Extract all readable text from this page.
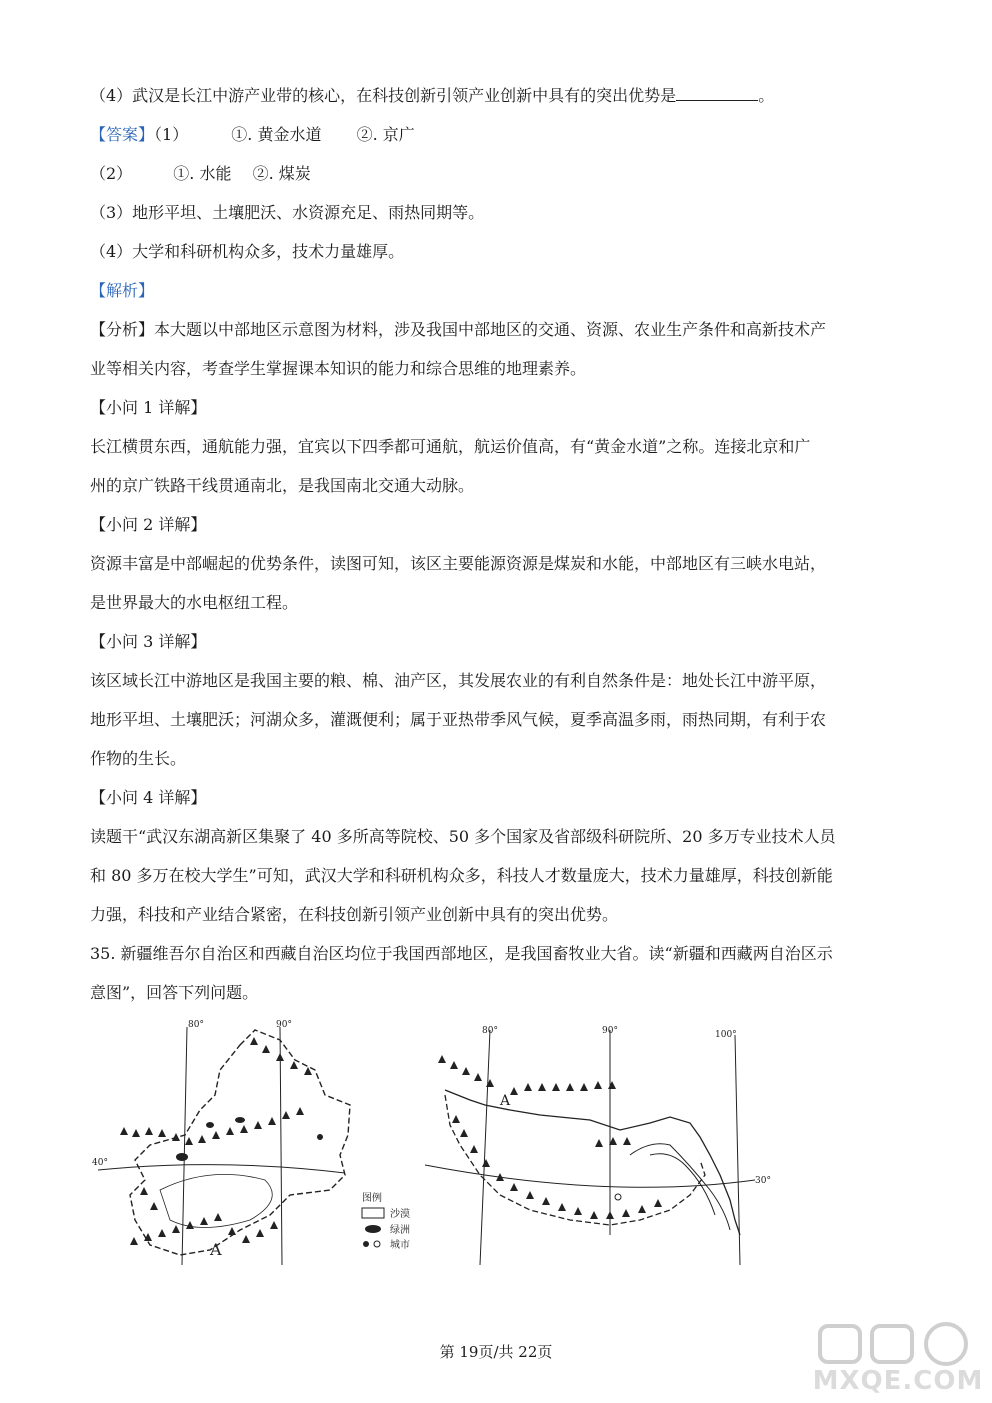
（4）武汉是长江中游产业带的核心，在科技创新引领产业创新中具有的突出优势是	。
【答案】（1）	①. 黄金水道 ②. 京广
（2）	①. 水能 ②. 煤炭
（3）地形平坦、土壤肥沃、水资源充足、雨热同期等。
（4）大学和科研机构众多，技术力量雄厚。
【解析】
【分析】本大题以中部地区示意图为材料，涉及我国中部地区的交通、资源、农业生产条件和高新技术产
业等相关内容，考查学生掌握课本知识的能力和综合思维的地理素养。
【小问 1 详解】
长江横贯东西，通航能力强，宜宾以下四季都可通航，航运价值高，有“黄金水道”之称。连接北京和广
州的京广铁路干线贯通南北，是我国南北交通大动脉。
【小问 2 详解】
资源丰富是中部崛起的优势条件，读图可知，该区主要能源资源是煤炭和水能，中部地区有三峡水电站，
是世界最大的水电枢纽工程。
【小问 3 详解】
该区域长江中游地区是我国主要的粮、棉、油产区，其发展农业的有利自然条件是：地处长江中游平原，
地形平坦、土壤肥沃；河湖众多，灌溉便利；属于亚热带季风气候，夏季高温多雨，雨热同期，有利于农
作物的生长。
【小问 4 详解】
读题干“武汉东湖高新区集聚了 40 多所高等院校、50 多个国家及省部级科研院所、20 多万专业技术人员
和 80 多万在校大学生”可知，武汉大学和科研机构众多，科技人才数量庞大，技术力量雄厚，科技创新能
力强，科技和产业结合紧密，在科技创新引领产业创新中具有的突出优势。
35. 新疆维吾尔自治区和西藏自治区均位于我国西部地区，是我国畜牧业大省。读“新疆和西藏两自治区示
意图”，回答下列问题。
80°	90°
40°
A
图例
沙漠
绿洲
城市
80°	90°	100°
30°
A
第 19页/共 22页
MXQE.COM
